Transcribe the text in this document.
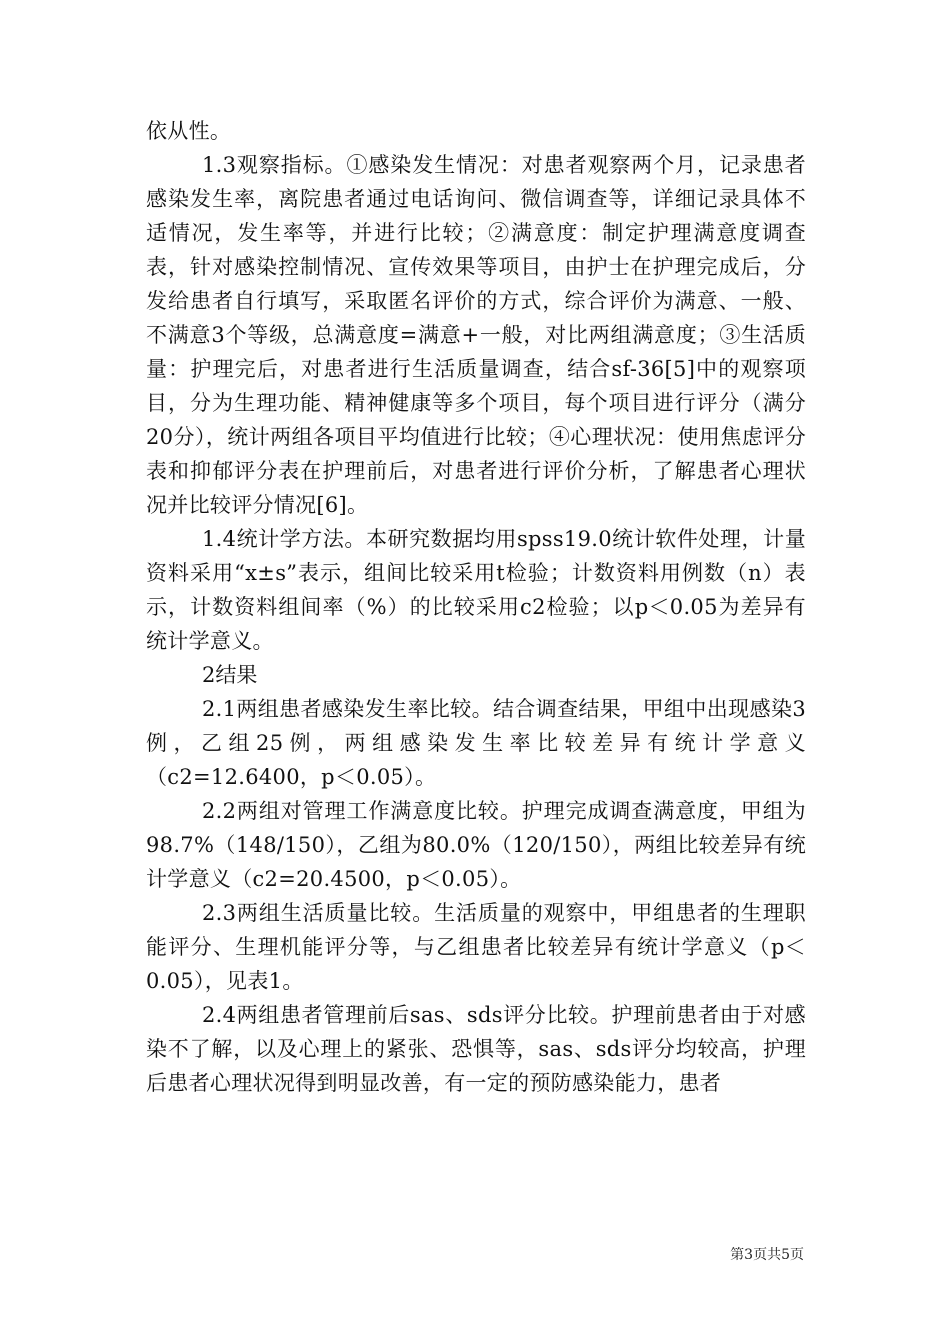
依从性。

1.3观察指标。①感染发生情况：对患者观察两个月，记录患者感染发生率，离院患者通过电话询问、微信调查等，详细记录具体不适情况，发生率等，并进行比较；②满意度：制定护理满意度调查表，针对感染控制情况、宣传效果等项目，由护士在护理完成后，分发给患者自行填写，采取匿名评价的方式，综合评价为满意、一般、不满意3个等级，总满意度=满意+一般，对比两组满意度；③生活质量：护理完后，对患者进行生活质量调查，结合sf-36[5]中的观察项目，分为生理功能、精神健康等多个项目，每个项目进行评分（满分20分），统计两组各项目平均值进行比较；④心理状况：使用焦虑评分表和抑郁评分表在护理前后，对患者进行评价分析，了解患者心理状况并比较评分情况[6]。

1.4统计学方法。本研究数据均用spss19.0统计软件处理，计量资料采用“x±s”表示，组间比较采用t检验；计数资料用例数（n）表示，计数资料组间率（%）的比较采用c2检验；以p＜0.05为差异有统计学意义。

2结果

2.1两组患者感染发生率比较。结合调查结果，甲组中出现感染3例，乙组25例，两组感染发生率比较差异有统计学意义（c2=12.6400，p＜0.05）。

2.2两组对管理工作满意度比较。护理完成调查满意度，甲组为98.7%（148/150），乙组为80.0%（120/150），两组比较差异有统计学意义（c2=20.4500，p＜0.05）。

2.3两组生活质量比较。生活质量的观察中，甲组患者的生理职能评分、生理机能评分等，与乙组患者比较差异有统计学意义（p＜0.05），见表1。

2.4两组患者管理前后sas、sds评分比较。护理前患者由于对感染不了解，以及心理上的紧张、恐惧等，sas、sds评分均较高，护理后患者心理状况得到明显改善，有一定的预防感染能力，患者

第3页共5页
